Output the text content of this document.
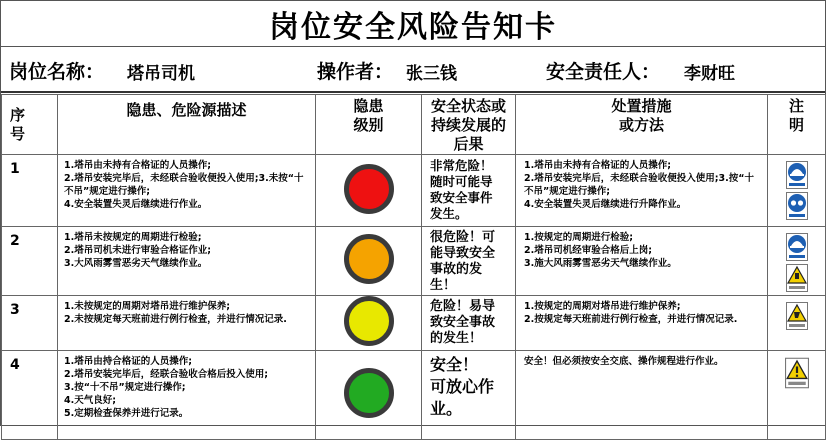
岗位安全风险告知卡
岗位名称： 塔吊司机	操作者： 张三钱	安全责任人： 李财旺
序
号	隐患、危险源描述	隐患
级别	安全状态或
持续发展的
后果	处置措施
或方法	注
明

1	1.塔吊由未持有合格证的人员操作;
2.塔吊安装完毕后，未经联合验收便投入使用;3.未按“十不吊”规定进行操作;
4.安全装置失灵后继续进行作业。		非常危险！
随时可能导
致安全事件
发生。	1.塔吊由未持有合格证的人员操作;
2.塔吊安装完毕后，未经联合验收便投入使用;3.按“十不吊”规定进行操作;
4.安全装置失灵后继续进行升降作业。

2	1.塔吊未按规定的周期进行检验;
2.塔吊司机未进行审验合格证作业;
3.大风雨雾雪恶劣天气继续作业。		很危险！可
能导致安全
事故的发
生！	1.按规定的周期进行检验;
2.塔吊司机经审验合格后上岗;
3.施大风雨雾雪恶劣天气继续作业。

3	1.未按规定的周期对塔吊进行维护保养;
2.未按规定每天班前进行例行检查，并进行情况记录.		危险！易导
致安全事故
的发生！	1.按规定的周期对塔吊进行维护保养;
2.按规定每天班前进行例行检查，并进行情况记录.

4	1.塔吊由持合格证的人员操作;
2.塔吊安装完毕后，经联合验收合格后投入使用;
3.按“十不吊”规定进行操作;
4.天气良好;
5.定期检查保养并进行记录。		安全！
可放心作
业。	安全！但必须按安全交底、操作规程进行作业。
